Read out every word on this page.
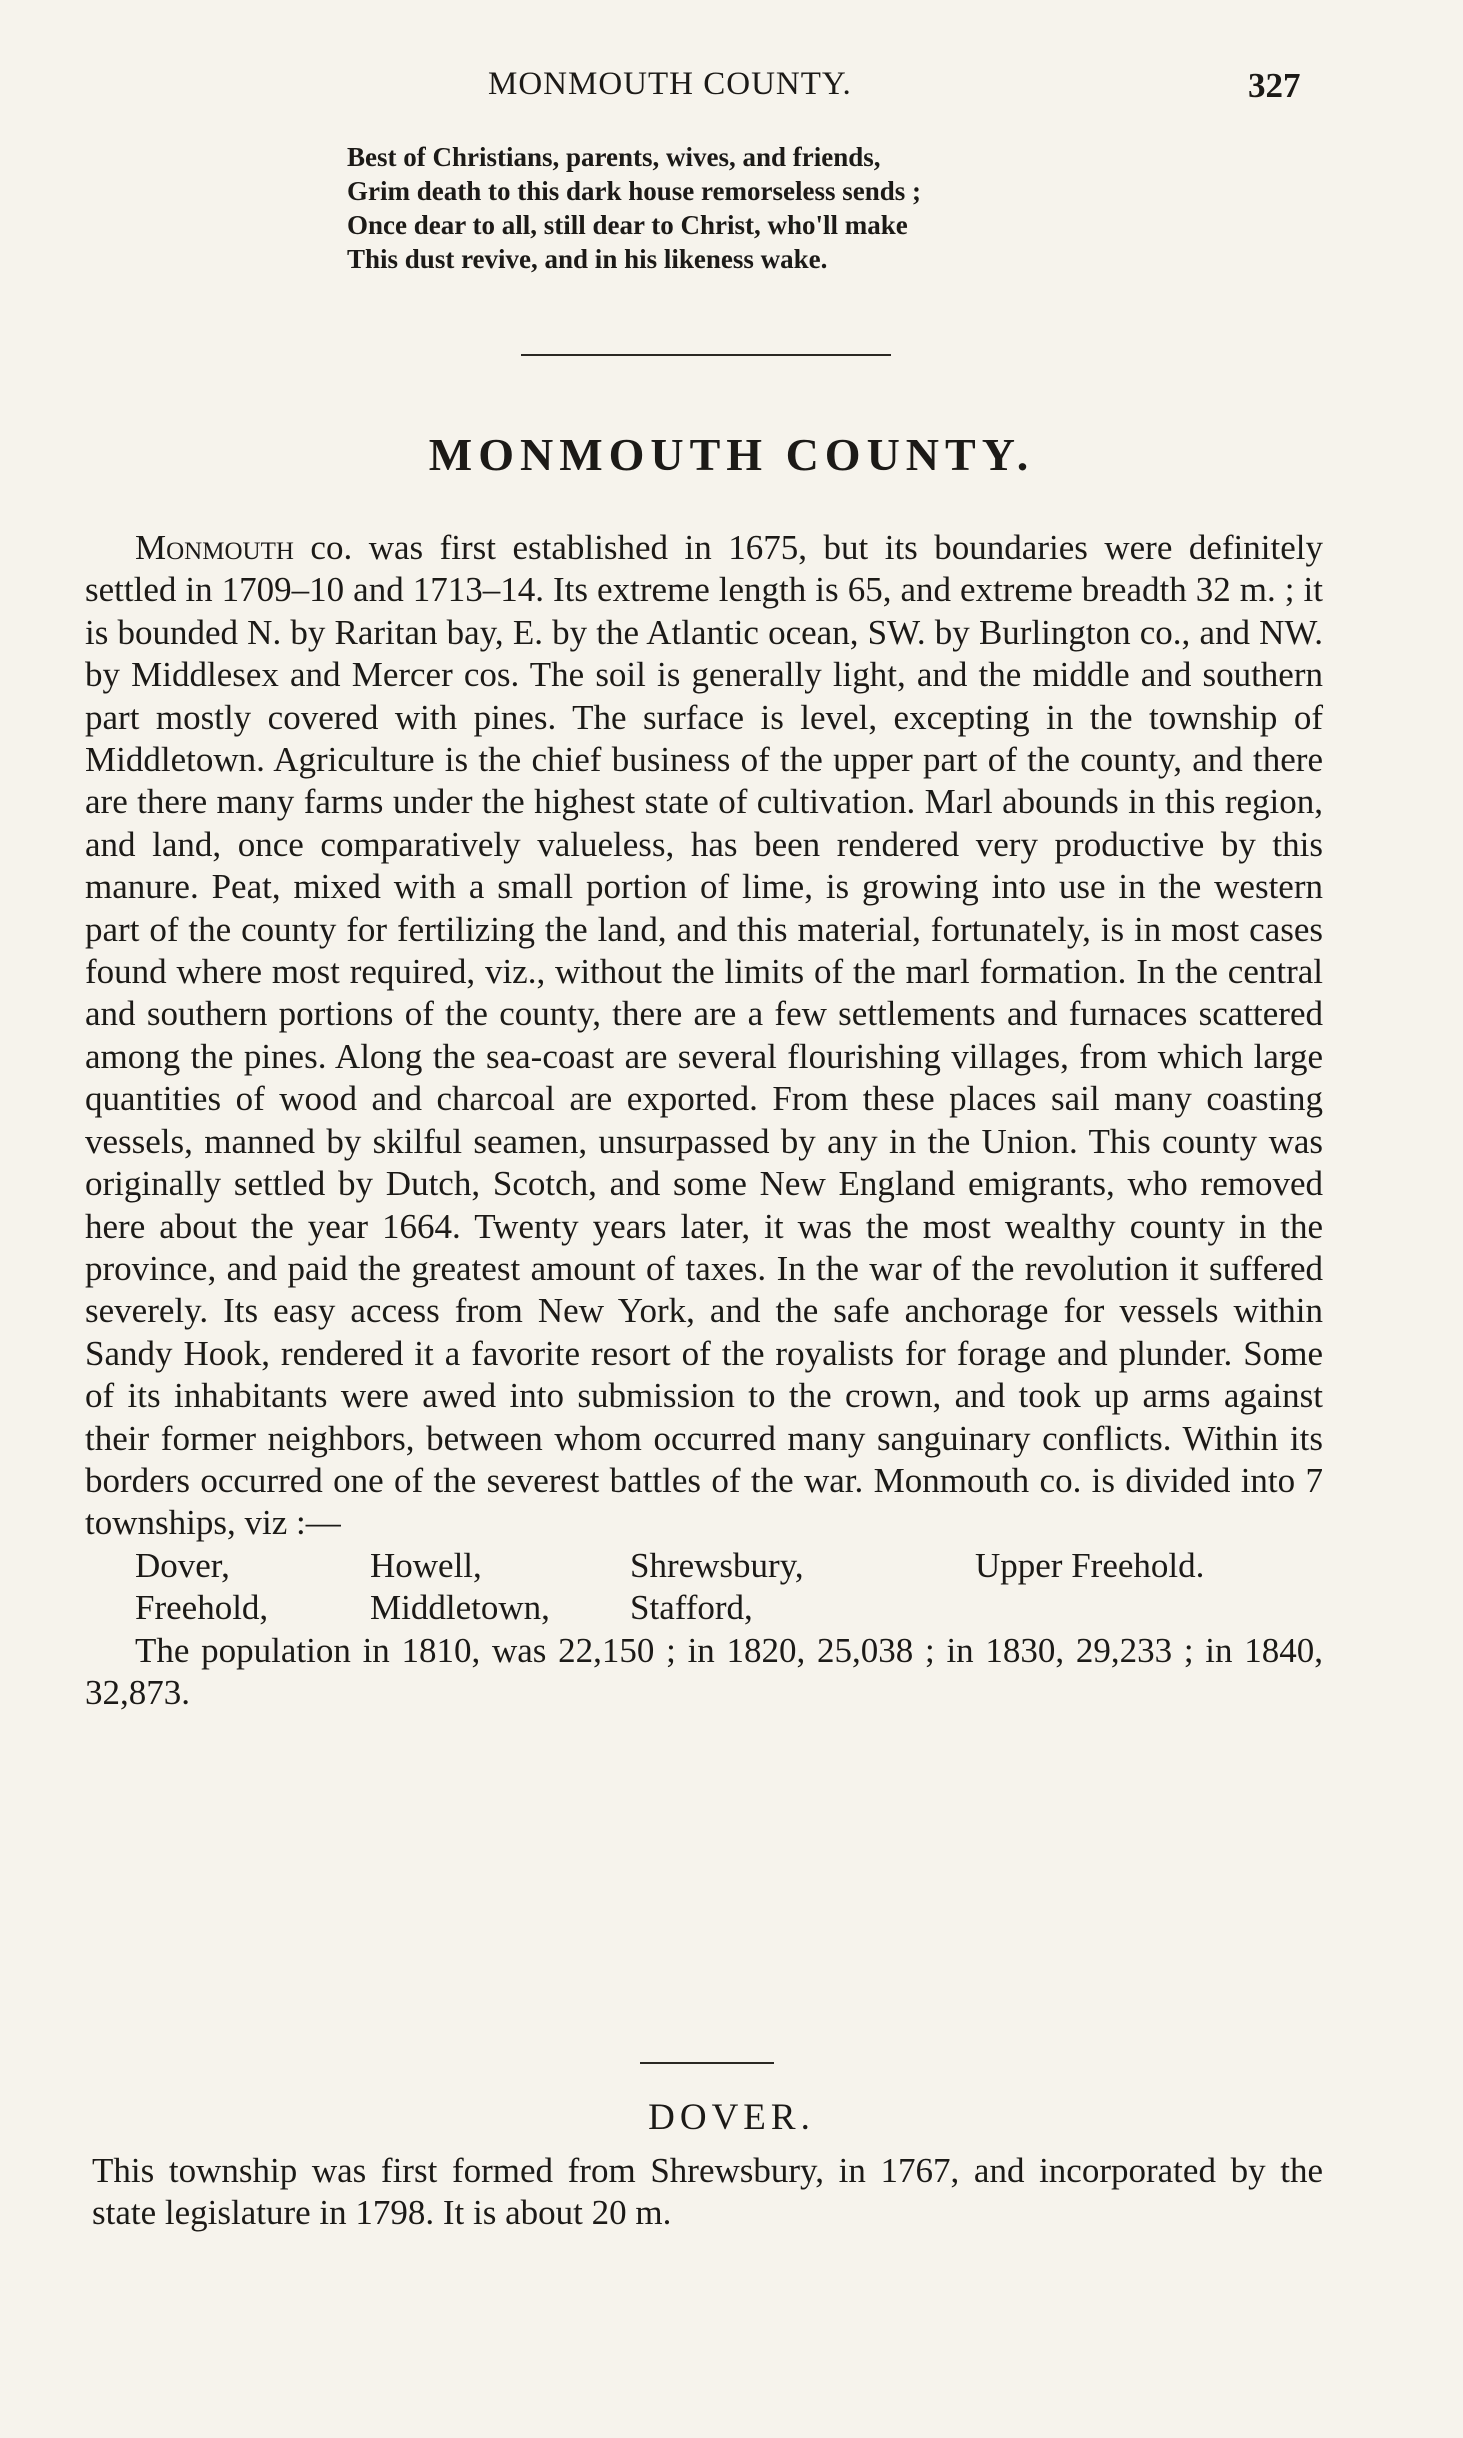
MONMOUTH COUNTY.	327
Best of Christians, parents, wives, and friends,
Grim death to this dark house remorseless sends ;
Once dear to all, still dear to Christ, who'll make
This dust revive, and in his likeness wake.
MONMOUTH COUNTY.

Monmouth co. was first established in 1675, but its boundaries were definitely settled in 1709–10 and 1713–14. Its extreme length is 65, and extreme breadth 32 m. ; it is bounded N. by Raritan bay, E. by the Atlantic ocean, SW. by Burlington co., and NW. by Middlesex and Mercer cos. The soil is generally light, and the middle and southern part mostly covered with pines. The surface is level, excepting in the township of Middletown. Agriculture is the chief business of the upper part of the county, and there are there many farms under the highest state of cultivation. Marl abounds in this region, and land, once comparatively valueless, has been rendered very productive by this manure. Peat, mixed with a small portion of lime, is growing into use in the western part of the county for fertilizing the land, and this material, fortunately, is in most cases found where most required, viz., without the limits of the marl formation. In the central and southern portions of the county, there are a few settlements and furnaces scattered among the pines. Along the sea-coast are several flourishing villages, from which large quantities of wood and charcoal are exported. From these places sail many coasting vessels, manned by skilful seamen, unsurpassed by any in the Union. This county was originally settled by Dutch, Scotch, and some New England emigrants, who removed here about the year 1664. Twenty years later, it was the most wealthy county in the province, and paid the greatest amount of taxes. In the war of the revolution it suffered severely. Its easy access from New York, and the safe anchorage for vessels within Sandy Hook, rendered it a favorite resort of the royalists for forage and plunder. Some of its inhabitants were awed into submission to the crown, and took up arms against their former neighbors, between whom occurred many sanguinary conflicts. Within its borders occurred one of the severest battles of the war. Monmouth co. is divided into 7 townships, viz :—

Dover,	Howell,	Shrewsbury,	Upper Freehold.
Freehold,	Middletown,	Stafford,

The population in 1810, was 22,150 ; in 1820, 25,038 ; in 1830, 29,233 ; in 1840, 32,873.

DOVER.

This township was first formed from Shrewsbury, in 1767, and incorporated by the state legislature in 1798. It is about 20 m.
